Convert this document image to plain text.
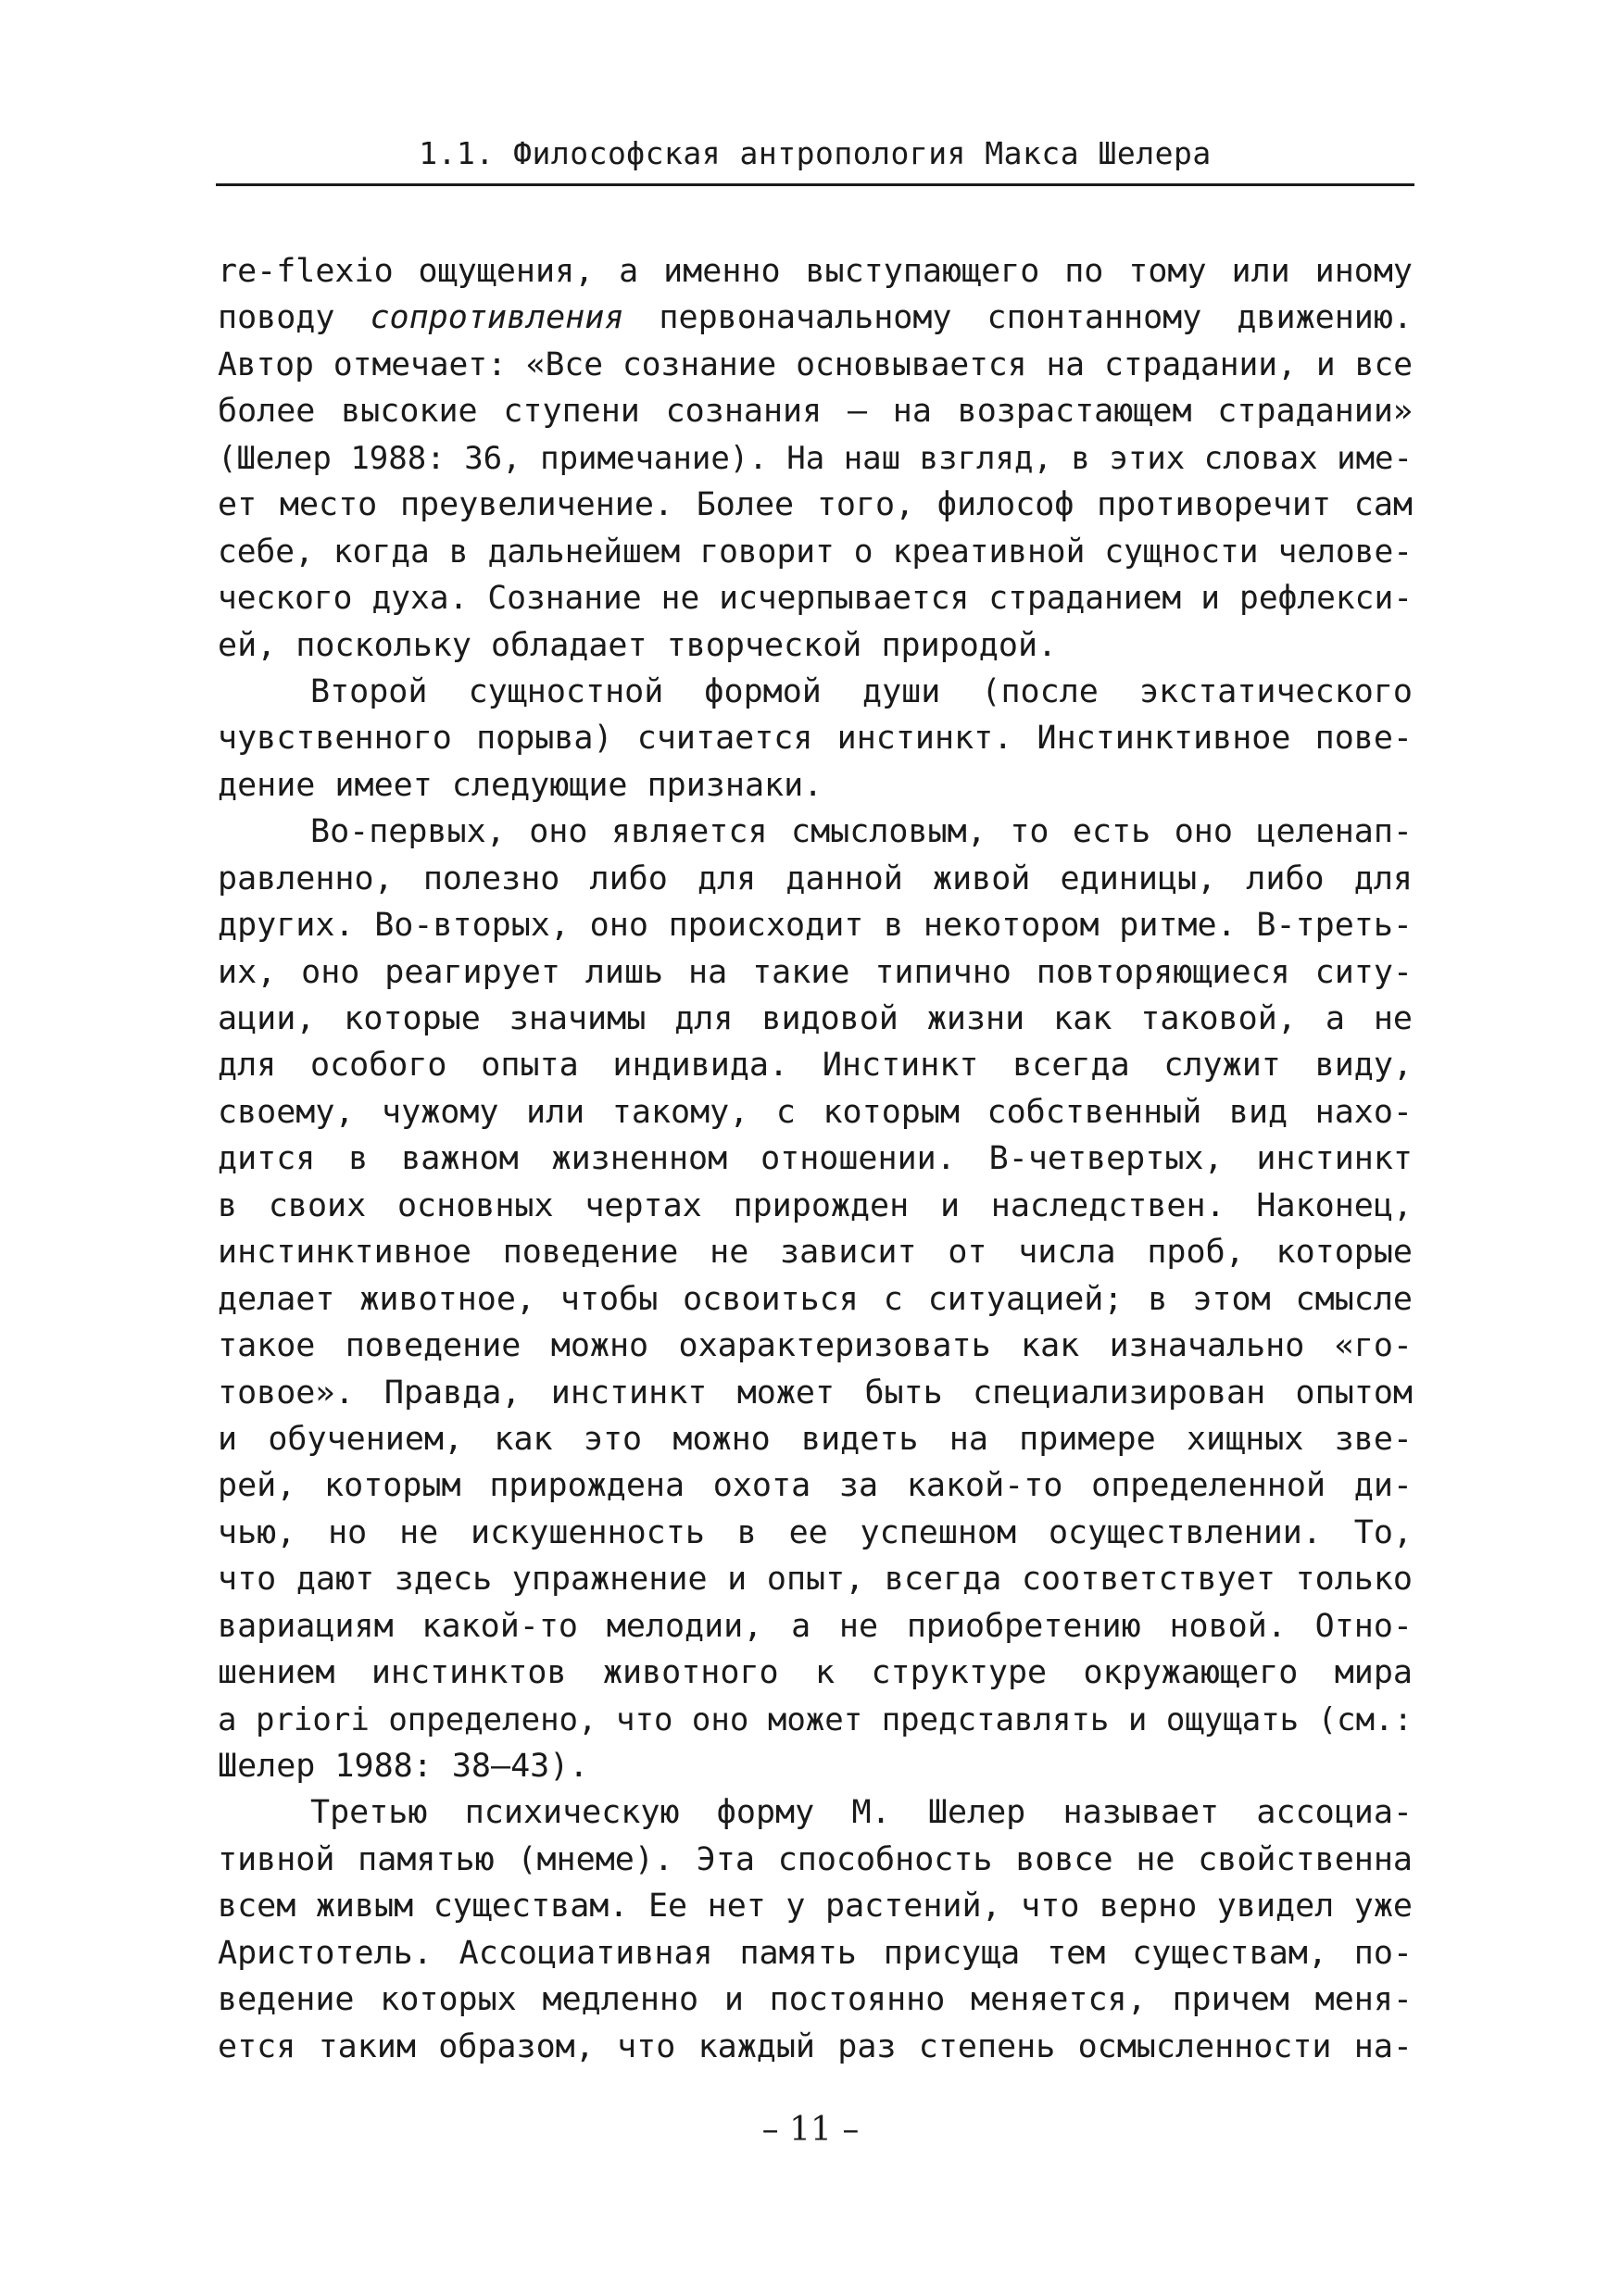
1.1. Философская антропология Макса Шелера
re-flexio ощущения, а именно выступающего по тому или иному
поводу сопротивления первоначальному спонтанному движению.
Автор отмечает: «Все сознание основывается на страдании, и все
более высокие ступени сознания — на возрастающем страдании»
(Шелер 1988: 36, примечание). На наш взгляд, в этих словах име-
ет место преувеличение. Более того, философ противоречит сам
себе, когда в дальнейшем говорит о креативной сущности челове-
ческого духа. Сознание не исчерпывается страданием и рефлекси-
ей, поскольку обладает творческой природой.
Второй сущностной формой души (после экстатического
чувственного порыва) считается инстинкт. Инстинктивное пове-
дение имеет следующие признаки.
Во-первых, оно является смысловым, то есть оно целенап-
равленно, полезно либо для данной живой единицы, либо для
других. Во-вторых, оно происходит в некотором ритме. В-треть-
их, оно реагирует лишь на такие типично повторяющиеся ситу-
ации, которые значимы для видовой жизни как таковой, а не
для особого опыта индивида. Инстинкт всегда служит виду,
своему, чужому или такому, с которым собственный вид нахо-
дится в важном жизненном отношении. В-четвертых, инстинкт
в своих основных чертах прирожден и наследствен. Наконец,
инстинктивное поведение не зависит от числа проб, которые
делает животное, чтобы освоиться с ситуацией; в этом смысле
такое поведение можно охарактеризовать как изначально «го-
товое». Правда, инстинкт может быть специализирован опытом
и обучением, как это можно видеть на примере хищных зве-
рей, которым прирождена охота за какой-то определенной ди-
чью, но не искушенность в ее успешном осуществлении. То,
что дают здесь упражнение и опыт, всегда соответствует только
вариациям какой-то мелодии, а не приобретению новой. Отно-
шением инстинктов животного к структуре окружающего мира
a priori определено, что оно может представлять и ощущать (см.:
Шелер 1988: 38—43).
Третью психическую форму М. Шелер называет ассоциа-
тивной памятью (мнеме). Эта способность вовсе не свойственна
всем живым существам. Ее нет у растений, что верно увидел уже
Аристотель. Ассоциативная память присуща тем существам, по-
ведение которых медленно и постоянно меняется, причем меня-
ется таким образом, что каждый раз степень осмысленности на-
– 11 –
